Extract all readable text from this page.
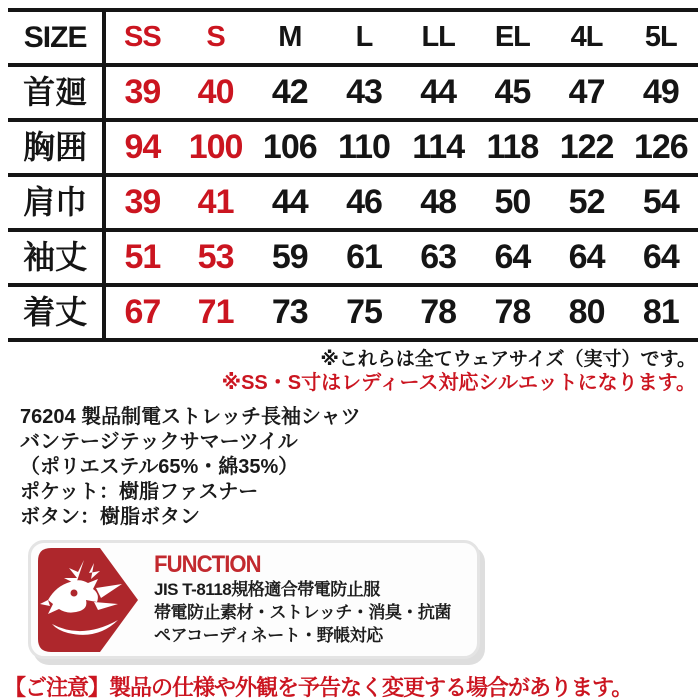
SIZE	SS	S	M	L	LL	EL	4L	5L
首廻	39	40	42	43	44	45	47	49
胸囲	94	100	106	110	114	118	122	126
肩巾	39	41	44	46	48	50	52	54
袖丈	51	53	59	61	63	64	64	64
着丈	67	71	73	75	78	78	80	81
※これらは全てウェアサイズ（実寸）です。
※SS・S寸はレディース対応シルエットになります。
76204 製品制電ストレッチ長袖シャツ
バンテージテックサマーツイル
（ポリエステル65%・綿35%）
ポケット：樹脂ファスナー
ボタン：樹脂ボタン
FUNCTION
JIS T-8118規格適合帯電防止服
帯電防止素材・ストレッチ・消臭・抗菌
ペアコーディネート・野帳対応
【ご注意】製品の仕様や外観を予告なく変更する場合があります。
